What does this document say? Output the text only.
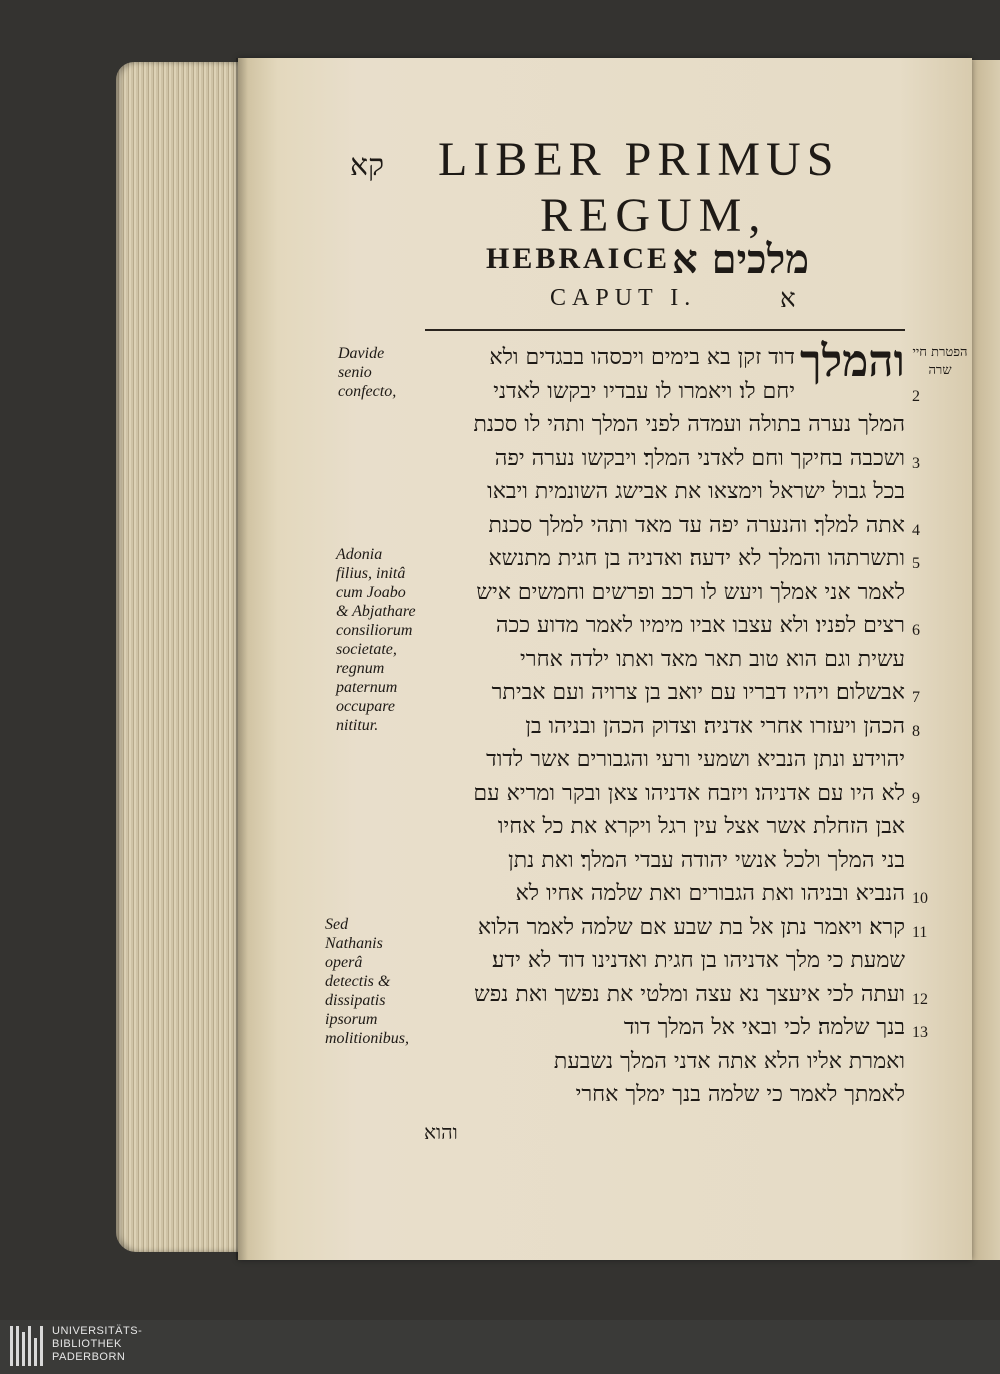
קא LIBER PRIMUS
REGUM,
HEBRAICE מלכים א
CAPUT I.	א
Davide senio confecto,
Adonia filius, initâ cum Joabo & Abjathare consiliorum societate, regnum paternum occupare nititur.
Sed Nathanis operâ detectis & dissipatis ipsorum molitionibus,
הפטרת חיי שרה
והמלך
דוד זקן בא בימים ויכסהו בבגדים ולא
יחם לו׃ ויאמרו לו עבדיו יבקשו לאדני
המלך נערה בתולה ועמדה לפני המלך ותהי לו סכנת
ושכבה בחיקך וחם לאדני המלך׃ ויבקשו נערה יפה
בכל גבול ישראל וימצאו את אבישג השונמית ויבאו
אתה למלך׃ והנערה יפה עד מאד ותהי למלך סכנת
ותשרתהו והמלך לא ידעה׃ ואדניה בן חגית מתנשא
לאמר אני אמלך ויעש לו רכב ופרשים וחמשים איש
רצים לפניו׃ ולא עצבו אביו מימיו לאמר מדוע ככה
עשית וגם הוא טוב תאר מאד ואתו ילדה אחרי
אבשלום׃ ויהיו דבריו עם יואב בן צרויה ועם אביתר
הכהן ויעזרו אחרי אדניה׃ וצדוק הכהן ובניהו בן
יהוידע ונתן הנביא ושמעי ורעי והגבורים אשר לדוד
לא היו עם אדניהו׃ ויזבח אדניהו צאן ובקר ומריא עם
אבן הזחלת אשר אצל עין רגל ויקרא את כל אחיו
בני המלך ולכל אנשי יהודה עבדי המלך׃ ואת נתן
הנביא ובניהו ואת הגבורים ואת שלמה אחיו לא
קרא׃ ויאמר נתן אל בת שבע אם שלמה לאמר הלוא
שמעת כי מלך אדניהו בן חגית ואדנינו דוד לא ידע׃
ועתה לכי איעצך נא עצה ומלטי את נפשך ואת נפש
בנך שלמה׃ לכי ובאי אל המלך דוד
ואמרת אליו הלא אתה אדני המלך נשבעת
לאמתך לאמר כי שלמה בנך ימלך אחרי
2
3
4
5
6
7
8
9
10
11
12
13
והוא
UNIVERSITÄTS-
BIBLIOTHEK
PADERBORN
